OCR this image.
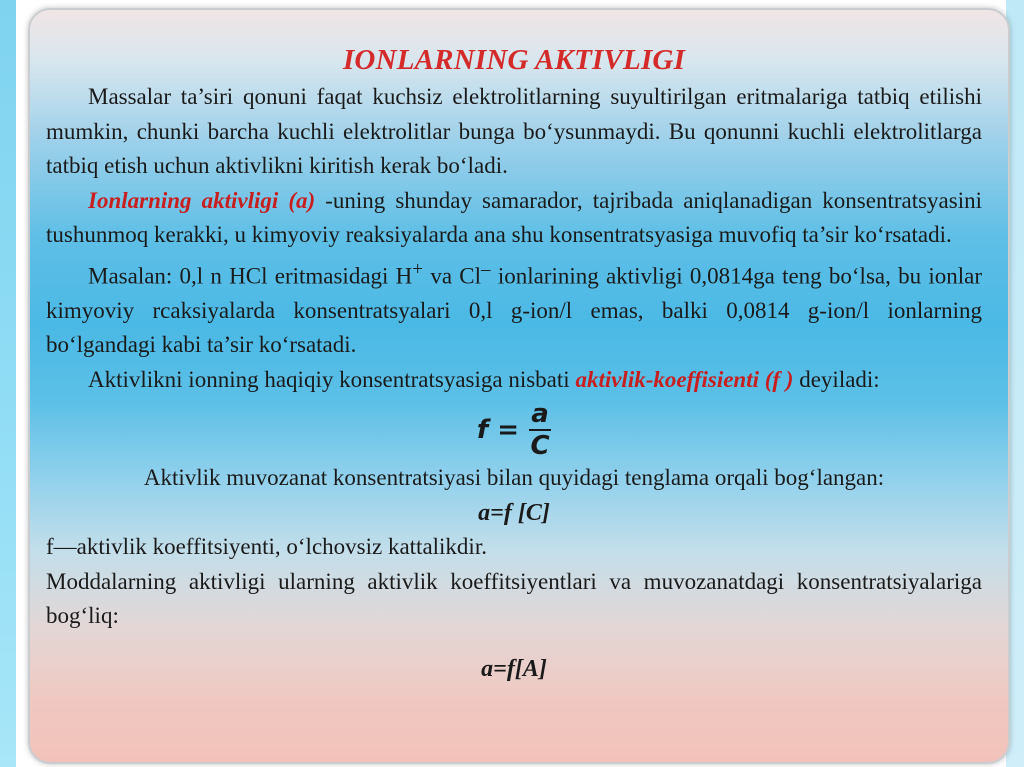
IONLARNING AKTIVLIGI

Massalar ta’siri qonuni faqat kuchsiz elektrolitlarning suyultirilgan eritmalariga tatbiq etilishi mumkin, chunki barcha kuchli elektrolitlar bunga bo‘ysunmaydi. Bu qonunni kuchli elektrolitlarga tatbiq etish uchun aktivlikni kiritish kerak bo‘ladi.

Ionlarning aktivligi (a) -uning shunday samarador, tajribada aniqlanadigan konsentratsyasini tushunmoq kerakki, u kimyoviy reaksiyalarda ana shu konsentratsyasiga muvofiq ta’sir ko‘rsatadi.

Masalan: 0,l n HCl eritmasidagi H+ va Cl– ionlarining aktivligi 0,0814ga teng bo‘lsa, bu ionlar kimyoviy rcaksiyalarda konsentratsyalari 0,l g-ion/l emas, balki 0,0814 g-ion/l ionlarning bo‘lgandagi kabi ta’sir ko‘rsatadi.

Aktivlikni ionning haqiqiy konsentratsyasiga nisbati aktivlik-koeffisienti (f ) deyiladi:

$f = \frac{a}{C}$

Aktivlik muvozanat konsentratsiyasi bilan quyidagi tenglama orqali bog‘langan:

a=f [C]

f—aktivlik koeffitsiyenti, o‘lchovsiz kattalikdir.

Moddalarning aktivligi ularning aktivlik koeffitsiyentlari va muvozanatdagi konsentratsiyalariga bog‘liq:

a=f[A]
